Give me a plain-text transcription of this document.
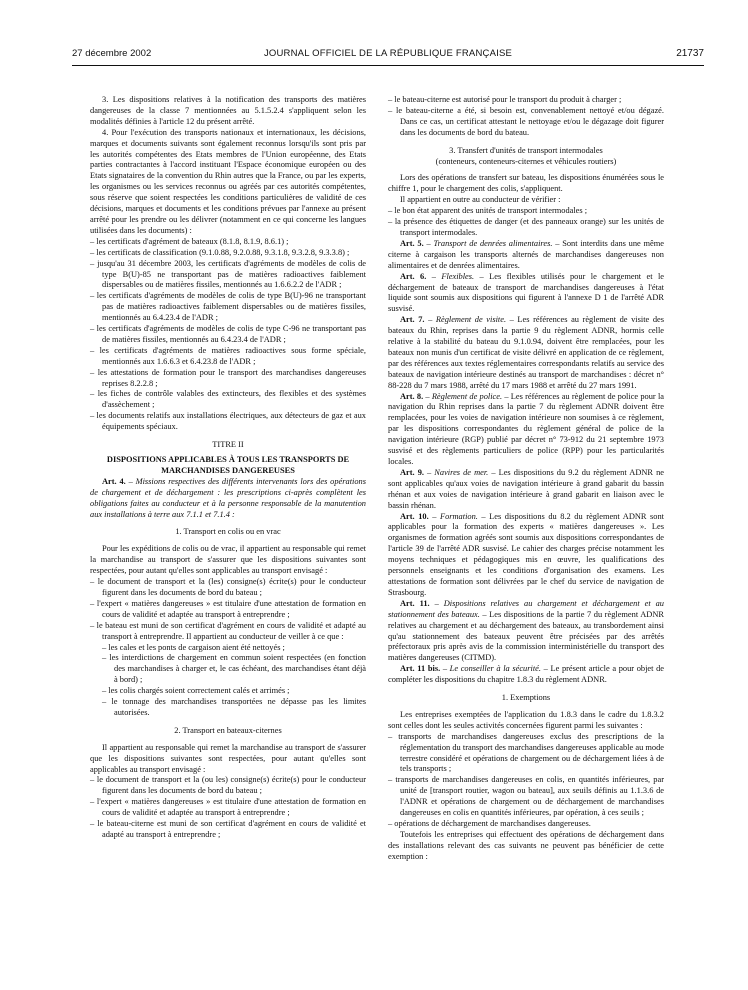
27 décembre 2002	JOURNAL OFFICIEL DE LA RÉPUBLIQUE FRANÇAISE	21737

3. Les dispositions relatives à la notification des transports des matières dangereuses de la classe 7 mentionnées au 5.1.5.2.4 s'appliquent selon les modalités définies à l'article 12 du présent arrêté.

4. Pour l'exécution des transports nationaux et internationaux, les décisions, marques et documents suivants sont également reconnus lorsqu'ils sont pris par les autorités compétentes des Etats membres de l'Union européenne, des Etats parties contractantes à l'accord instituant l'Espace économique européen ou des Etats signataires de la convention du Rhin autres que la France, ou par les experts, les organismes ou les services reconnus ou agréés par ces autorités compétentes, sous réserve que soient respectées les conditions particulières de validité de ces décisions, marques et documents et les conditions prévues par l'annexe au présent arrêté pour les prendre ou les délivrer (notamment en ce qui concerne les langues utilisées dans les documents) :

– les certificats d'agrément de bateaux (8.1.8, 8.1.9, 8.6.1) ;

– les certificats de classification (9.1.0.88, 9.2.0.88, 9.3.1.8, 9.3.2.8, 9.3.3.8) ;

– jusqu'au 31 décembre 2003, les certificats d'agréments de modèles de colis de type B(U)-85 ne transportant pas de matières radioactives faiblement dispersables ou de matières fissiles, mentionnés au 1.6.6.2.2 de l'ADR ;

– les certificats d'agréments de modèles de colis de type B(U)-96 ne transportant pas de matières radioactives faiblement dispersables ou de matières fissiles, mentionnés au 6.4.23.4 de l'ADR ;

– les certificats d'agréments de modèles de colis de type C-96 ne transportant pas de matières fissiles, mentionnés au 6.4.23.4 de l'ADR ;

– les certificats d'agréments de matières radioactives sous forme spéciale, mentionnés aux 1.6.6.3 et 6.4.23.8 de l'ADR ;

– les attestations de formation pour le transport des marchandises dangereuses reprises 8.2.2.8 ;

– les fiches de contrôle valables des extincteurs, des flexibles et des systèmes d'assèchement ;

– les documents relatifs aux installations électriques, aux détecteurs de gaz et aux équipements spéciaux.

TITRE II

DISPOSITIONS APPLICABLES À TOUS LES TRANSPORTS DE MARCHANDISES DANGEREUSES

Art. 4. – Missions respectives des différents intervenants lors des opérations de chargement et de déchargement : les prescriptions ci-après complètent les obligations faites au conducteur et à la personne responsable de la manutention aux installations à terre aux 7.1.1 et 7.1.4 :

1. Transport en colis ou en vrac

Pour les expéditions de colis ou de vrac, il appartient au responsable qui remet la marchandise au transport de s'assurer que les dispositions suivantes sont respectées, pour autant qu'elles sont applicables au transport envisagé :

– le document de transport et la (les) consigne(s) écrite(s) pour le conducteur figurent dans les documents de bord du bateau ;

– l'expert « matières dangereuses » est titulaire d'une attestation de formation en cours de validité et adaptée au transport à entreprendre ;

– le bateau est muni de son certificat d'agrément en cours de validité et adapté au transport à entreprendre. Il appartient au conducteur de veiller à ce que :

– les cales et les ponts de cargaison aient été nettoyés ;

– les interdictions de chargement en commun soient respectées (en fonction des marchandises à charger et, le cas échéant, des marchandises étant déjà à bord) ;

– les colis chargés soient correctement calés et arrimés ;

– le tonnage des marchandises transportées ne dépasse pas les limites autorisées.

2. Transport en bateaux-citernes

Il appartient au responsable qui remet la marchandise au transport de s'assurer que les dispositions suivantes sont respectées, pour autant qu'elles sont applicables au transport envisagé :

– le document de transport et la (ou les) consigne(s) écrite(s) pour le conducteur figurent dans les documents de bord du bateau ;

– l'expert « matières dangereuses » est titulaire d'une attestation de formation en cours de validité et adaptée au transport à entreprendre ;

– le bateau-citerne est muni de son certificat d'agrément en cours de validité et adapté au transport à entreprendre ;

– le bateau-citerne est autorisé pour le transport du produit à charger ;

– le bateau-citerne a été, si besoin est, convenablement nettoyé et/ou dégazé. Dans ce cas, un certificat attestant le nettoyage et/ou le dégazage doit figurer dans les documents de bord du bateau.

3. Transfert d'unités de transport intermodales

(conteneurs, conteneurs-citernes et véhicules routiers)

Lors des opérations de transfert sur bateau, les dispositions énumérées sous le chiffre 1, pour le chargement des colis, s'appliquent.

Il appartient en outre au conducteur de vérifier :

– le bon état apparent des unités de transport intermodales ;

– la présence des étiquettes de danger (et des panneaux orange) sur les unités de transport intermodales.

Art. 5. – Transport de denrées alimentaires. – Sont interdits dans une même citerne à cargaison les transports alternés de marchandises dangereuses non alimentaires et de denrées alimentaires.

Art. 6. – Flexibles. – Les flexibles utilisés pour le chargement et le déchargement de bateaux de transport de marchandises dangereuses à l'état liquide sont soumis aux dispositions qui figurent à l'annexe D 1 de l'arrêté ADR susvisé.

Art. 7. – Règlement de visite. – Les références au règlement de visite des bateaux du Rhin, reprises dans la partie 9 du règlement ADNR, hormis celle relative à la stabilité du bateau du 9.1.0.94, doivent être remplacées, pour les bateaux non munis d'un certificat de visite délivré en application de ce règlement, par des références aux textes réglementaires correspondants relatifs au service des bateaux de navigation intérieure destinés au transport de marchandises : décret n° 88-228 du 7 mars 1988, arrêté du 17 mars 1988 et arrêté du 27 mars 1991.

Art. 8. – Règlement de police. – Les références au règlement de police pour la navigation du Rhin reprises dans la partie 7 du règlement ADNR doivent être remplacées, pour les voies de navigation intérieure non soumises à ce règlement, par les dispositions correspondantes du règlement général de police de la navigation intérieure (RGP) publié par décret n° 73-912 du 21 septembre 1973 susvisé et des règlements particuliers de police (RPP) pour les particularités locales.

Art. 9. – Navires de mer. – Les dispositions du 9.2 du règlement ADNR ne sont applicables qu'aux voies de navigation intérieure à grand gabarit du bassin rhénan et aux voies de navigation intérieure à grand gabarit en liaison avec le bassin rhénan.

Art. 10. – Formation. – Les dispositions du 8.2 du règlement ADNR sont applicables pour la formation des experts « matières dangereuses ». Les organismes de formation agréés sont soumis aux dispositions correspondantes de l'article 39 de l'arrêté ADR susvisé. Le cahier des charges précise notamment les moyens techniques et pédagogiques mis en œuvre, les qualifications des personnels enseignants et les conditions d'organisation des examens. Les attestations de formation sont délivrées par le chef du service de navigation de Strasbourg.

Art. 11. – Dispositions relatives au chargement et déchargement et au stationnement des bateaux. – Les dispositions de la partie 7 du règlement ADNR relatives au chargement et au déchargement des bateaux, au transbordement ainsi qu'au stationnement des bateaux peuvent être précisées par des arrêtés préfectoraux pris après avis de la commission interministérielle du transport des matières dangereuses (CITMD).

Art. 11 bis. – Le conseiller à la sécurité. – Le présent article a pour objet de compléter les dispositions du chapitre 1.8.3 du règlement ADNR.

1. Exemptions

Les entreprises exemptées de l'application du 1.8.3 dans le cadre du 1.8.3.2 sont celles dont les seules activités concernées figurent parmi les suivantes :

– transports de marchandises dangereuses exclus des prescriptions de la réglementation du transport des marchandises dangereuses applicable au mode terrestre considéré et opérations de chargement ou de déchargement liées à de tels transports ;

– transports de marchandises dangereuses en colis, en quantités inférieures, par unité de [transport routier, wagon ou bateau], aux seuils définis au 1.1.3.6 de l'ADNR et opérations de chargement ou de déchargement de marchandises dangereuses en colis en quantités inférieures, par opération, à ces seuils ;

– opérations de déchargement de marchandises dangereuses.

Toutefois les entreprises qui effectuent des opérations de déchargement dans des installations relevant des cas suivants ne peuvent pas bénéficier de cette exemption :
